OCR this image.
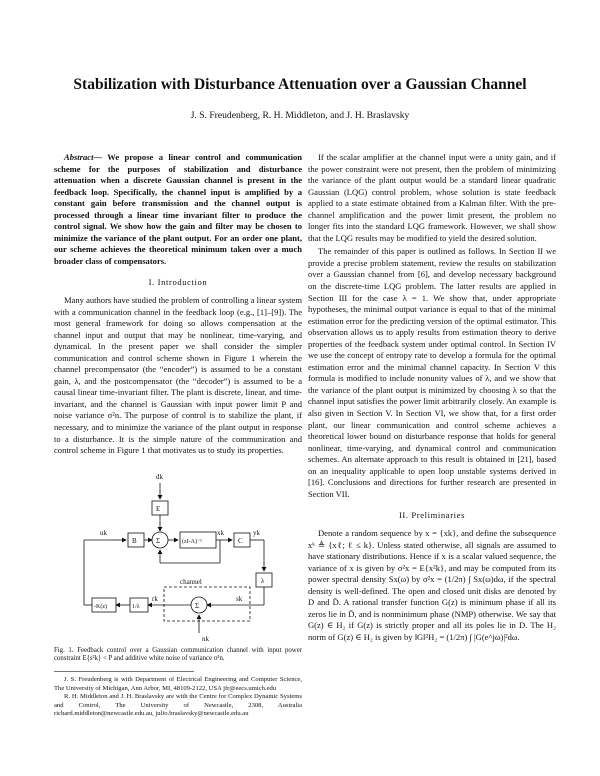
Stabilization with Disturbance Attenuation over a Gaussian Channel
J. S. Freudenberg, R. H. Middleton, and J. H. Braslavsky

Abstract— We propose a linear control and communication scheme for the purposes of stabilization and disturbance attenuation when a discrete Gaussian channel is present in the feedback loop. Specifically, the channel input is amplified by a constant gain before transmission and the channel output is processed through a linear time invariant filter to produce the control signal. We show how the gain and filter may be chosen to minimize the variance of the plant output. For an order one plant, our scheme achieves the theoretical minimum taken over a much broader class of compensators.

I. Introduction

Many authors have studied the problem of controlling a linear system with a communication channel in the feedback loop (e.g., [1]–[9]). The most general framework for doing so allows compensation at the channel input and output that may be nonlinear, time-varying, and dynamical. In the present paper we shall consider the simpler communication and control scheme shown in Figure 1 wherein the channel precompensator (the “encoder”) is assumed to be a constant gain, λ, and the postcompensator (the “decoder”) is assumed to be a causal linear time-invariant filter. The plant is discrete, linear, and time-invariant, and the channel is Gaussian with input power limit P and noise variance σ²n. The purpose of control is to stabilize the plant, if necessary, and to minimize the variance of the plant output in response to a disturbance. It is the simple nature of the communication and control scheme in Figure 1 that motivates us to study its properties.

dk
E
uk
B	Σ	(zI-A)⁻¹
xk
C
yk
λ
channel
sk
Σ
rk
1/λ
-K(z)
nk
Fig. 1. Feedback control over a Gaussian communication channel with input power constraint E{s²k} < P and additive white noise of variance σ²n.
J. S. Freudenberg is with Department of Electrical Engineering and Computer Science, The University of Michigan, Ann Arbor, MI, 48109-2122, USA jfr@eecs.umich.edu
R. H. Middleton and J. H. Braslavsky are with the Centre for Complex Dynamic Systems and Control, The University of Newcastle, 2308, Australia richard.middleton@newcastle.edu.au, julio.braslavsky@newcastle.edu.au

If the scalar amplifier at the channel input were a unity gain, and if the power constraint were not present, then the problem of minimizing the variance of the plant output would be a standard linear quadratic Gaussian (LQG) control problem, whose solution is state feedback applied to a state estimate obtained from a Kalman filter. With the pre-channel amplification and the power limit present, the problem no longer fits into the standard LQG framework. However, we shall show that the LQG results may be modified to yield the desired solution.

The remainder of this paper is outlined as follows. In Section II we provide a precise problem statement, review the results on stabilization over a Gaussian channel from [6], and develop necessary background on the discrete-time LQG problem. The latter results are applied in Section III for the case λ = 1. We show that, under appropriate hypotheses, the minimal output variance is equal to that of the minimal estimation error for the predicting version of the optimal estimator. This observation allows us to apply results from estimation theory to derive properties of the feedback system under optimal control. In Section IV we use the concept of entropy rate to develop a formula for the optimal estimation error and the minimal channel capacity. In Section V this formula is modified to include nonunity values of λ, and we show that the variance of the plant output is minimized by choosing λ so that the channel input satisfies the power limit arbitrarily closely. An example is also given in Section V. In Section VI, we show that, for a first order plant, our linear communication and control scheme achieves a theoretical lower bound on disturbance response that holds for general nonlinear, time-varying, and dynamical control and communication schemes. An alternate approach to this result is obtained in [21], based on an inequality applicable to open loop unstable systems derived in [16]. Conclusions and directions for further research are presented in Section VII.

II. Preliminaries

Denote a random sequence by x = {xk}, and define the subsequence xᵏ ≜ {xℓ; ℓ ≤ k}. Unless stated otherwise, all signals are assumed to have stationary distributions. Hence if x is a scalar valued sequence, the variance of x is given by σ²x = E{x²k}, and may be computed from its power spectral density Sx(ω) by σ²x = (1/2π) ∫ Sx(ω)dω, if the spectral density is well-defined. The open and closed unit disks are denoted by D and D̄. A rational transfer function G(z) is minimum phase if all its zeros lie in D̄, and is nonminimum phase (NMP) otherwise. We say that G(z) ∈ H₂ if G(z) is strictly proper and all its poles lie in D. The H₂ norm of G(z) ∈ H₂ is given by ‖G‖²H₂ = (1/2π) ∫ |G(e^jω)|²dω.
